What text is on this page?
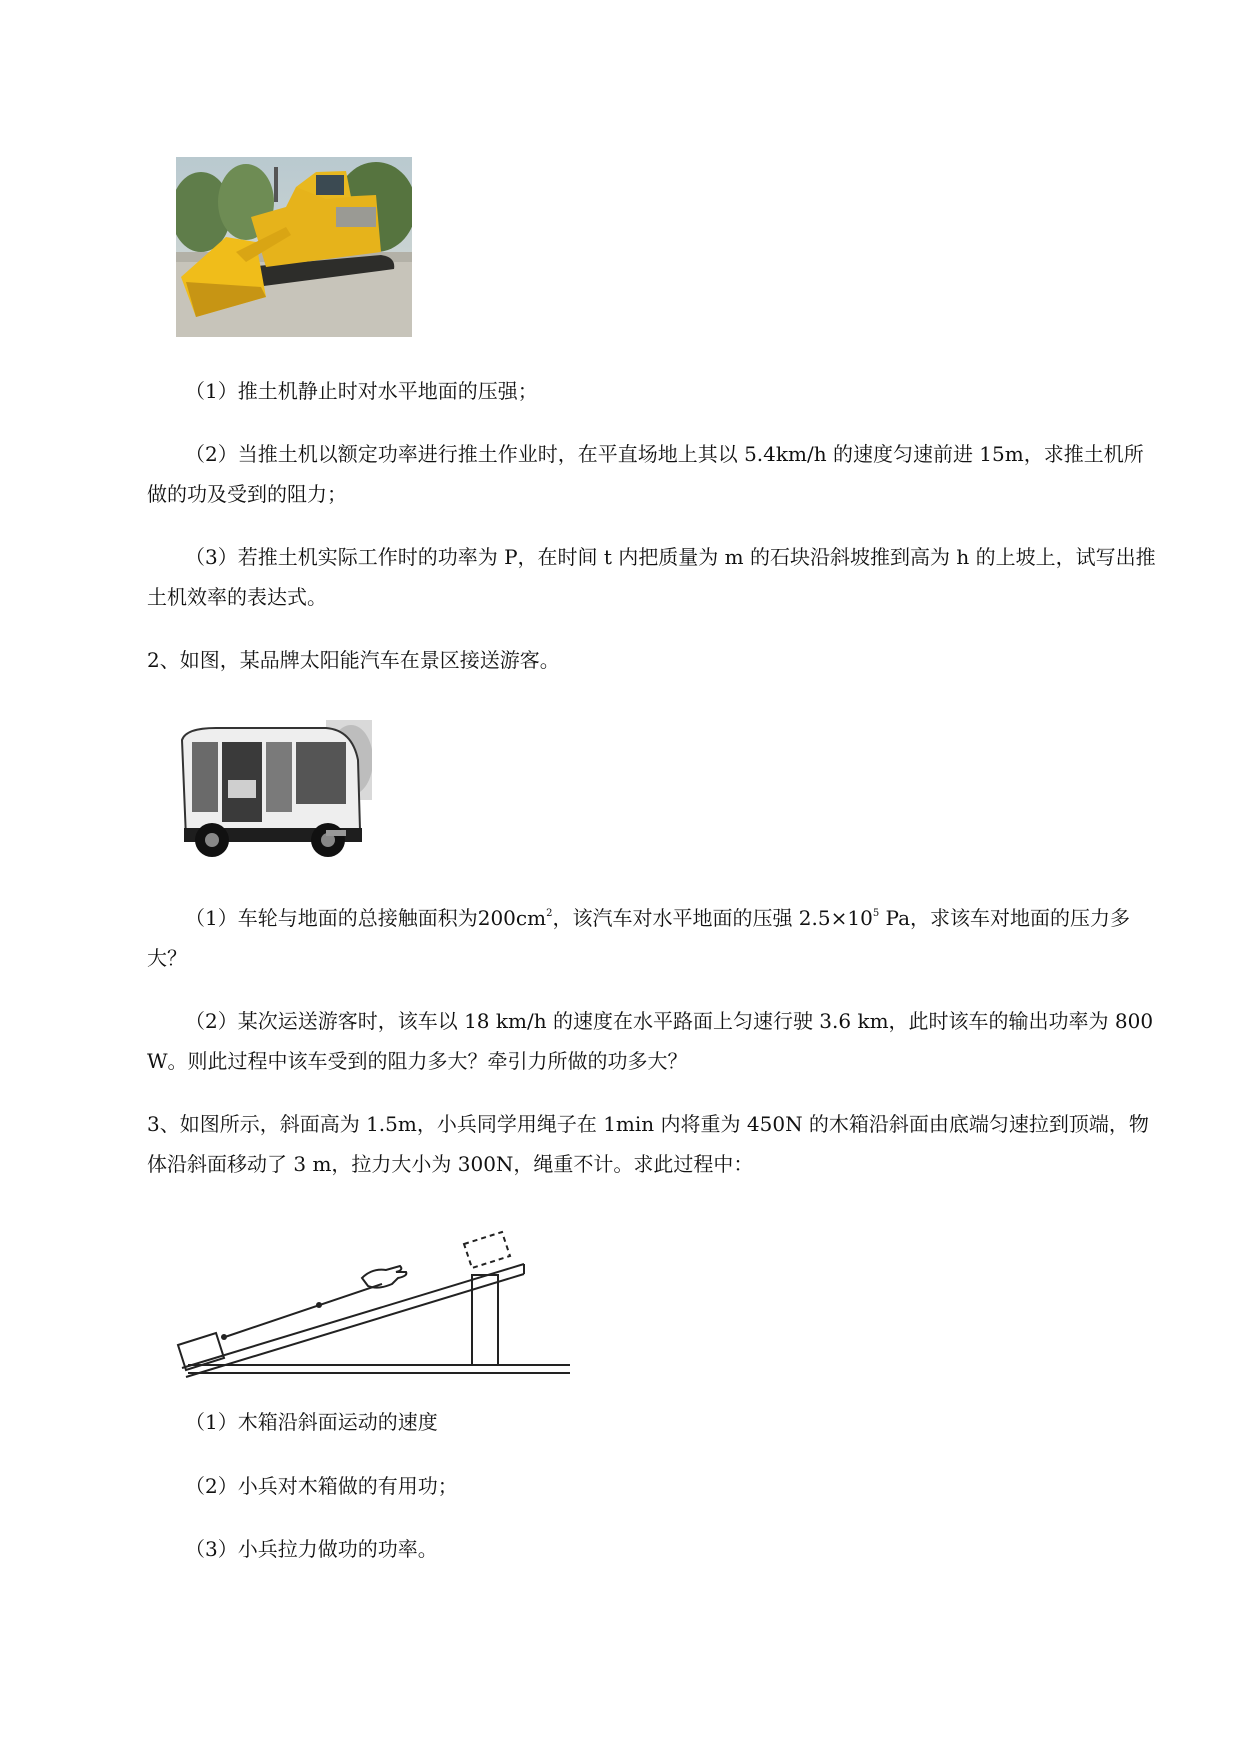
（1）推土机静止时对水平地面的压强；

（2）当推土机以额定功率进行推土作业时，在平直场地上其以 5.4km/h 的速度匀速前进 15m，求推土机所做的功及受到的阻力；

（3）若推土机实际工作时的功率为 P，在时间 t 内把质量为 m 的石块沿斜坡推到高为 h 的上坡上，试写出推土机效率的表达式。

2、如图，某品牌太阳能汽车在景区接送游客。

（1）车轮与地面的总接触面积为$200cm^2$，该汽车对水平地面的压强 $2.5\times 10^5$ Pa，求该车对地面的压力多大？

（2）某次运送游客时，该车以 18 km/h 的速度在水平路面上匀速行驶 3.6 km，此时该车的输出功率为 800 W。则此过程中该车受到的阻力多大？牵引力所做的功多大？

3、如图所示，斜面高为 1.5m，小兵同学用绳子在 1min 内将重为 450N 的木箱沿斜面由底端匀速拉到顶端，物体沿斜面移动了 3 m，拉力大小为 300N，绳重不计。求此过程中：

（1）木箱沿斜面运动的速度

（2）小兵对木箱做的有用功；

（3）小兵拉力做功的功率。
